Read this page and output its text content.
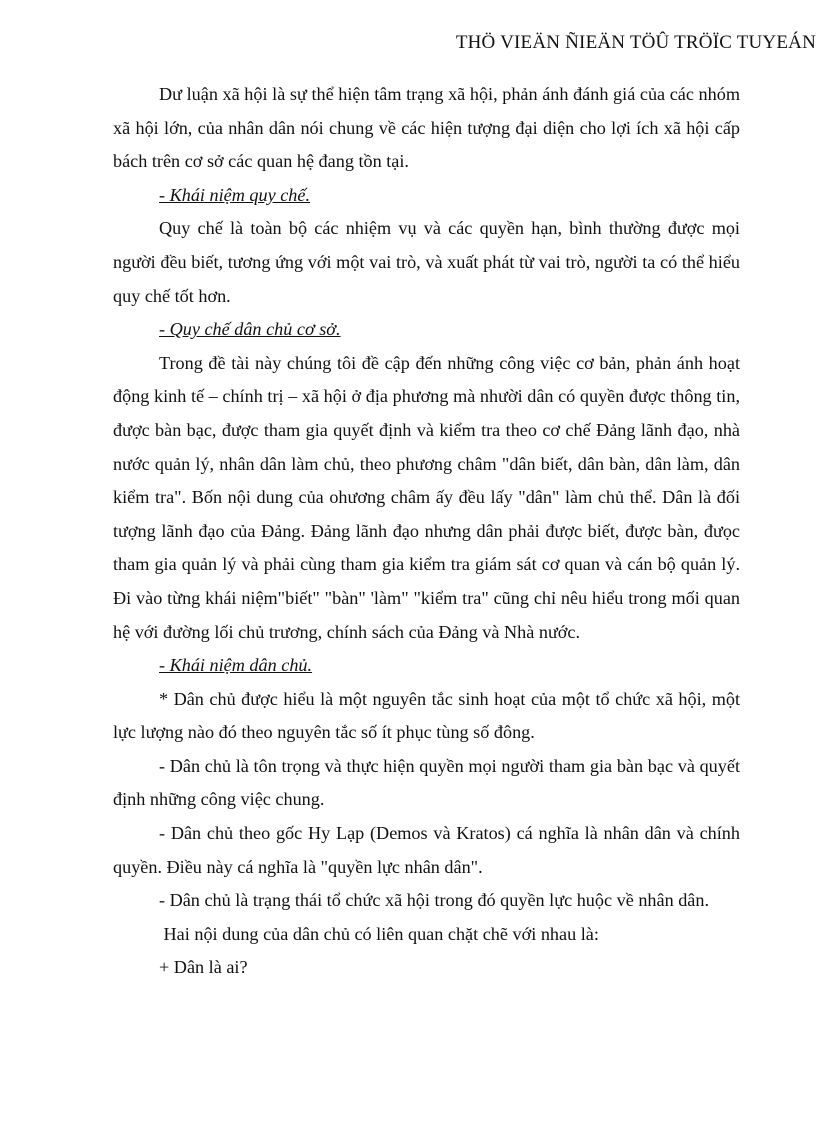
THÖ VIEÄN ÑIEÄN TÖÛ TRÖÏC TUYEÁN

Dư luận xã hội là sự thể hiện tâm trạng xã hội, phản ánh đánh giá của các nhóm xã hội lớn, của nhân dân nói chung về các hiện tượng đại diện cho lợi ích xã hội cấp bách trên cơ sở các quan hệ đang tồn tại.

- Khái niệm quy chế.

Quy chế là toàn bộ các nhiệm vụ và các quyền hạn, bình thường được mọi người đều biết, tương ứng với một vai trò, và xuất phát từ vai trò, người ta có thể hiểu quy chế tốt hơn.

- Quy chế dân chủ cơ sở.

Trong đề tài này chúng tôi đề cập đến những công việc cơ bản, phản ánh hoạt động kinh tế – chính trị – xã hội ở địa phương mà nhười dân có quyền được thông tin, được bàn bạc, được tham gia quyết định và kiểm tra theo cơ chế Đảng lãnh đạo, nhà nước quản lý, nhân dân làm chủ, theo phương châm "dân biết, dân bàn, dân làm, dân kiểm tra". Bốn nội dung của ohương châm ấy đều lấy "dân" làm chủ thể. Dân là đối tượng lãnh đạo của Đảng. Đảng lãnh đạo nhưng dân phải được biết, được bàn, đưọc tham gia quản lý và phải cùng tham gia kiểm tra giám sát cơ quan và cán bộ quản lý. Đi vào từng khái niệm"biết" "bàn" 'làm" "kiểm tra" cũng chỉ nêu hiểu trong mối quan hệ với đường lối chủ trương, chính sách của Đảng và Nhà nước.

- Khái niệm dân chủ.

* Dân chủ được hiểu là một nguyên tắc sinh hoạt của một tổ chức xã hội, một lực lượng nào đó theo nguyên tắc số ít phục tùng số đông.

- Dân chủ là tôn trọng và thực hiện quyền mọi người tham gia bàn bạc và quyết định những công việc chung.

- Dân chủ theo gốc Hy Lạp (Demos và Kratos) cá nghĩa là nhân dân và chính quyền. Điều này cá nghĩa là "quyền lực nhân dân".

- Dân chủ là trạng thái tổ chức xã hội trong đó quyền lực huộc về nhân dân.

Hai nội dung của dân chủ có liên quan chặt chẽ với nhau là:

+ Dân là ai?
